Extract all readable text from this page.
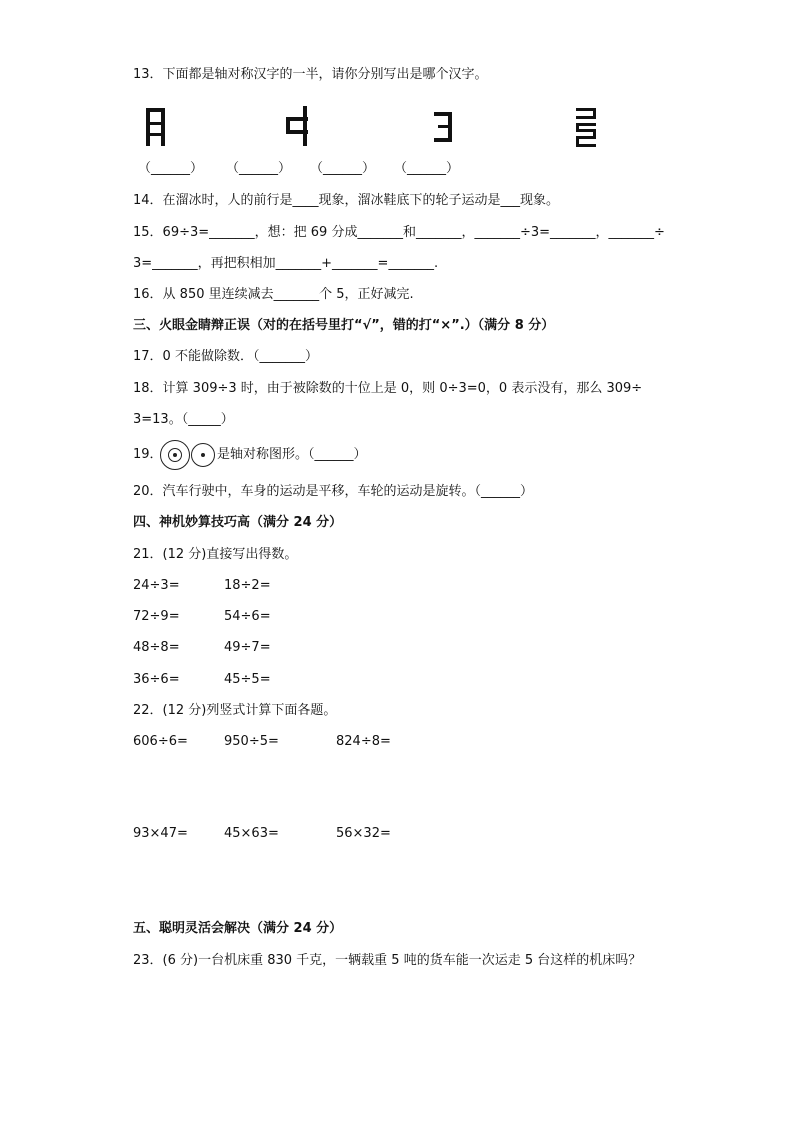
13．下面都是轴对称汉字的一半，请你分别写出是哪个汉字。
（______） （______） （______） （______）
14．在溜冰时，人的前行是____现象，溜冰鞋底下的轮子运动是___现象。
15．69÷3=_______，想：把 69 分成_______和_______，_______÷3=_______，_______÷
3=_______，再把积相加_______+_______=_______.
16．从 850 里连续减去_______个 5，正好减完.
三、火眼金睛辩正误（对的在括号里打“√”，错的打“×”.）（满分 8 分）
17．0 不能做除数．（_______）
18．计算 309÷3 时，由于被除数的十位上是 0，则 0÷3=0，0 表示没有，那么 309÷
3=13。（_____）
19．	是轴对称图形。（______）
20．汽车行驶中，车身的运动是平移，车轮的运动是旋转。（______）
四、神机妙算技巧高（满分 24 分）
21．(12 分)直接写出得数。
24÷3=	18÷2=
72÷9=	54÷6=
48÷8=	49÷7=
36÷6=	45÷5=
22．(12 分)列竖式计算下面各题。
606÷6=	950÷5=	824÷8=
93×47=	45×63=	56×32=
五、聪明灵活会解决（满分 24 分）
23．(6 分)一台机床重 830 千克，一辆载重 5 吨的货车能一次运走 5 台这样的机床吗？
